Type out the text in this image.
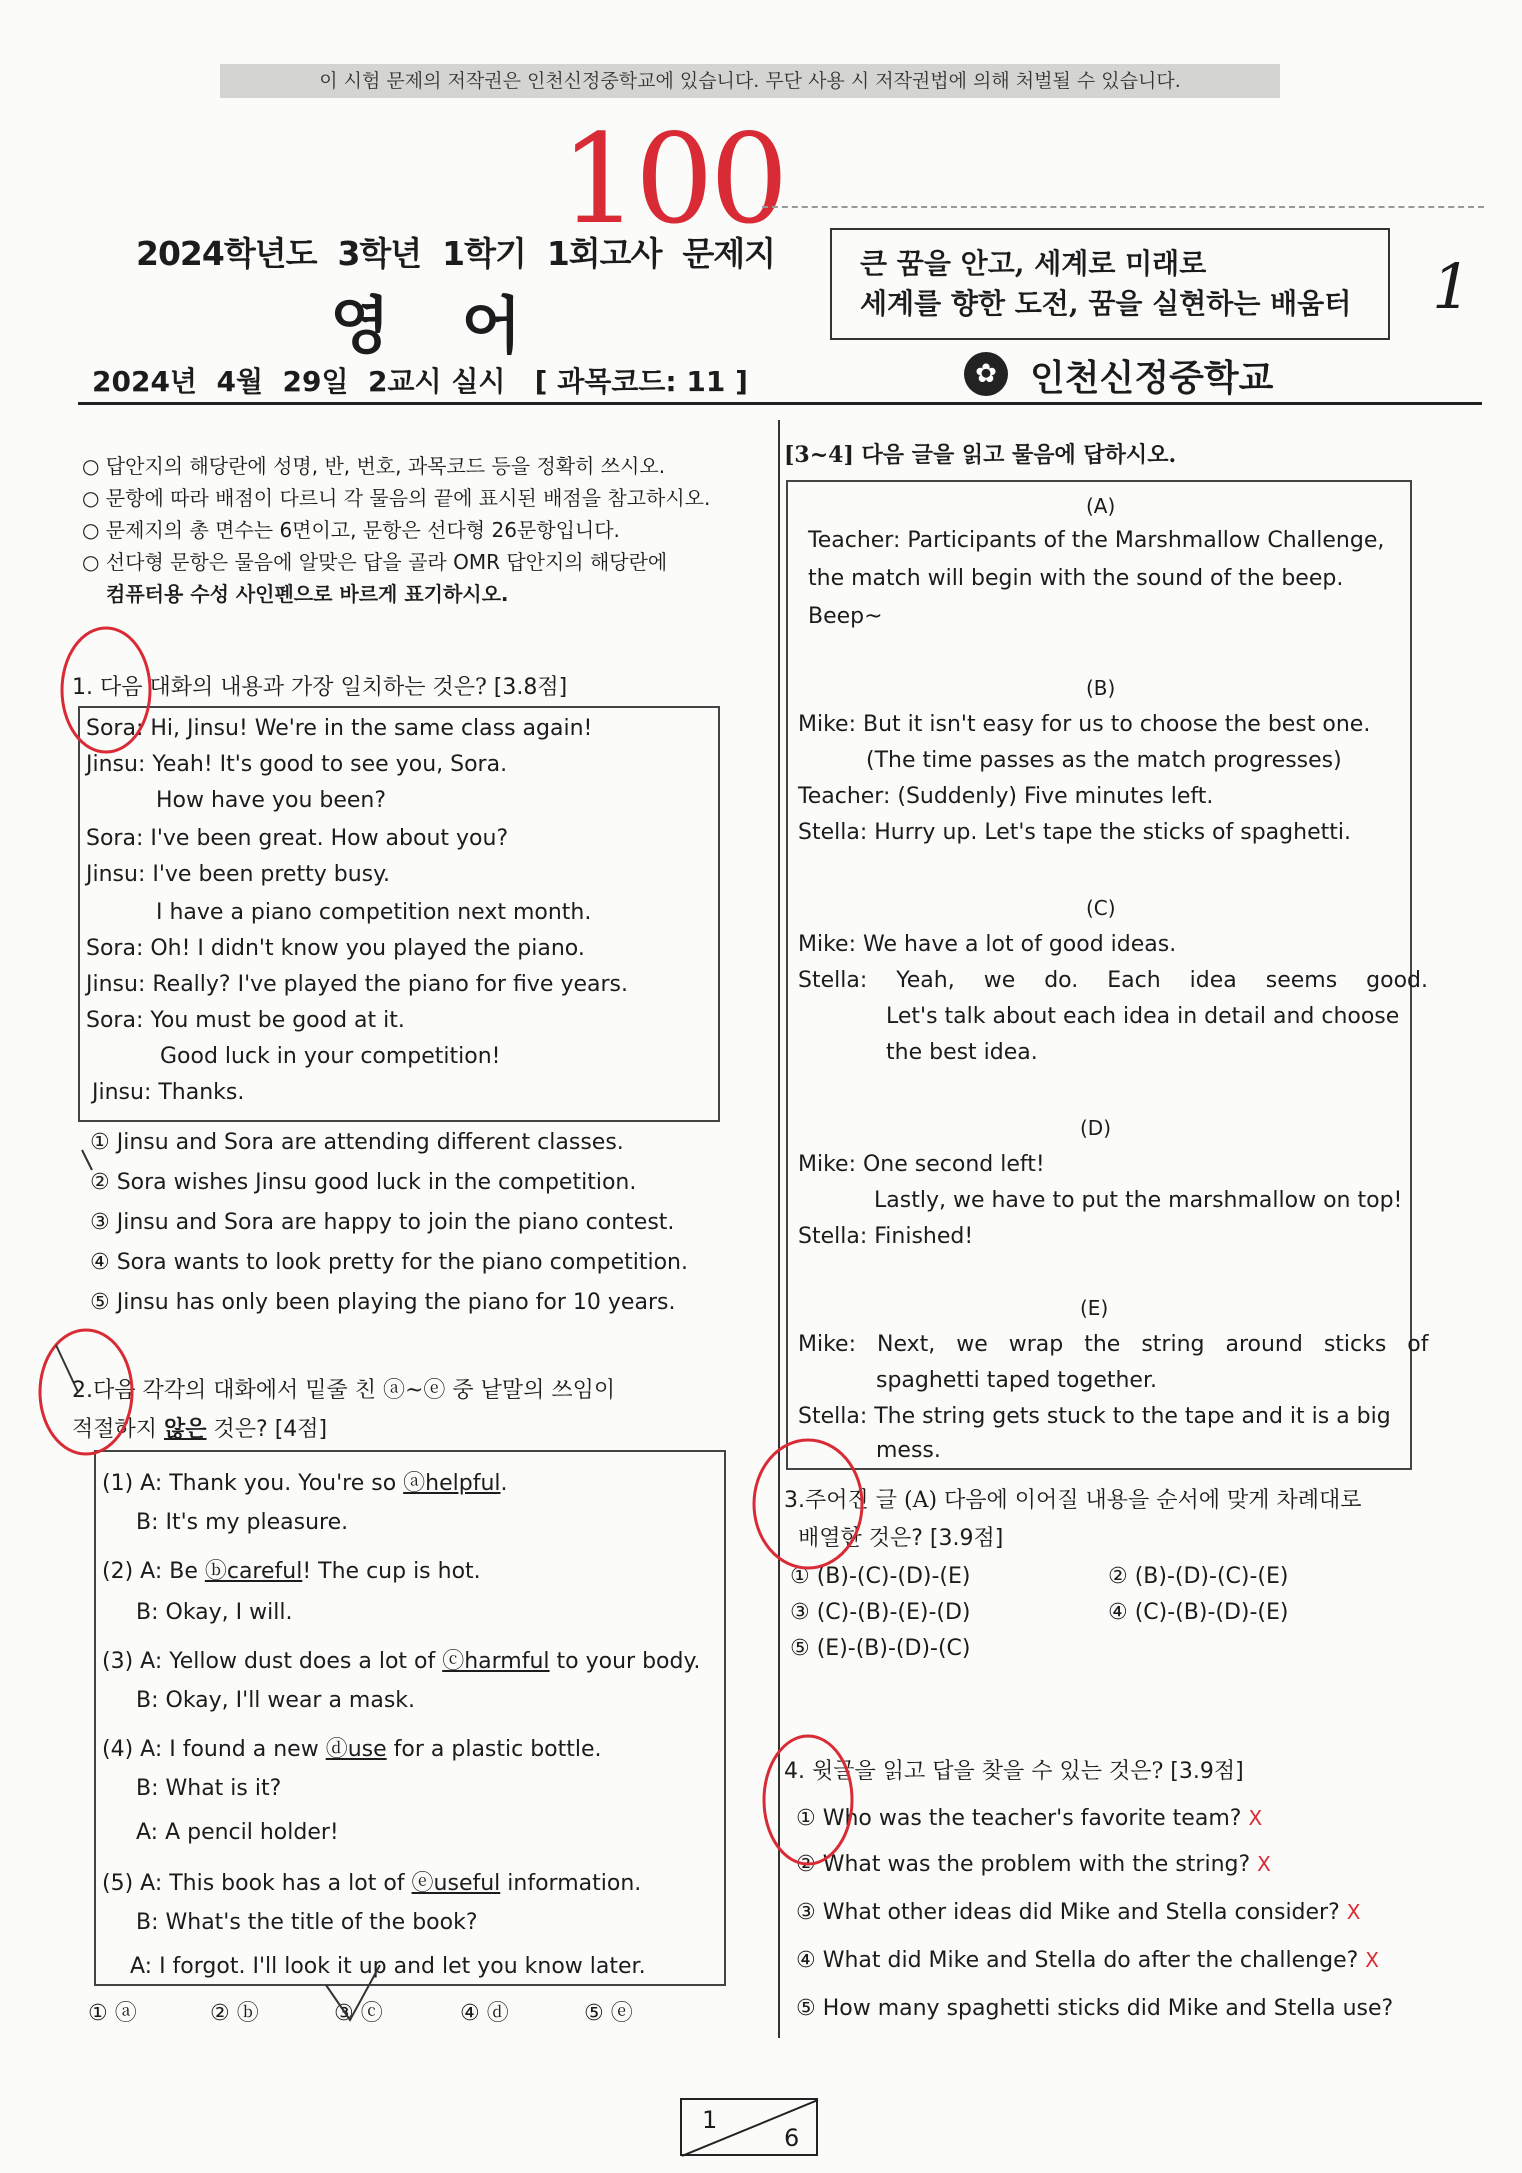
이 시험 문제의 저작권은 인천신정중학교에 있습니다. 무단 사용 시 저작권법에 의해 처벌될 수 있습니다.
100
2024학년도  3학년  1학기  1회고사  문제지
영 어
2024년  4월  29일  2교시 실시   [ 과목코드: 11 ]
큰 꿈을 안고, 세계로 미래로
세계를 향한 도전, 꿈을 실현하는 배움터	1
✿ 인천신정중학교
○ 답안지의 해당란에 성명, 반, 번호, 과목코드 등을 정확히 쓰시오.
○ 문항에 따라 배점이 다르니 각 물음의 끝에 표시된 배점을 참고하시오.
○ 문제지의 총 면수는 6면이고, 문항은 선다형 26문항입니다.
○ 선다형 문항은 물음에 알맞은 답을 골라 OMR 답안지의 해당란에
컴퓨터용 수성 사인펜으로 바르게 표기하시오.
1. 다음 대화의 내용과 가장 일치하는 것은? [3.8점]
Sora: Hi, Jinsu! We're in the same class again!
Jinsu: Yeah! It's good to see you, Sora.
How have you been?
Sora: I've been great. How about you?
Jinsu: I've been pretty busy.
I have a piano competition next month.
Sora: Oh! I didn't know you played the piano.
Jinsu: Really? I've played the piano for five years.
Sora: You must be good at it.
Good luck in your competition!
Jinsu: Thanks.
① Jinsu and Sora are attending different classes.
② Sora wishes Jinsu good luck in the competition.
③ Jinsu and Sora are happy to join the piano contest.
④ Sora wants to look pretty for the piano competition.
⑤ Jinsu has only been playing the piano for 10 years.
2.다음 각각의 대화에서 밑줄 친 ⓐ~ⓔ 중 낱말의 쓰임이
적절하지 않은 것은? [4점]
(1) A: Thank you. You're so ⓐhelpful.
B: It's my pleasure.
(2) A: Be ⓑcareful! The cup is hot.
B: Okay, I will.
(3) A: Yellow dust does a lot of ⓒharmful to your body.
B: Okay, I'll wear a mask.
(4) A: I found a new ⓓuse for a plastic bottle.
B: What is it?
A: A pencil holder!
(5) A: This book has a lot of ⓔuseful information.
B: What's the title of the book?
A: I forgot. I'll look it up and let you know later.
① ⓐ	② ⓑ	③ ⓒ	④ ⓓ	⑤ ⓔ
[3~4] 다음 글을 읽고 물음에 답하시오.
(A)
Teacher: Participants of the Marshmallow Challenge,
the match will begin with the sound of the beep.
Beep~
(B)
Mike: But it isn't easy for us to choose the best one.
(The time passes as the match progresses)
Teacher: (Suddenly) Five minutes left.
Stella: Hurry up. Let's tape the sticks of spaghetti.
(C)
Mike: We have a lot of good ideas.
Stella: Yeah, we do. Each idea seems good.
Let's talk about each idea in detail and choose
the best idea.
(D)
Mike: One second left!
Lastly, we have to put the marshmallow on top!
Stella: Finished!
(E)
Mike: Next, we wrap the string around sticks of
spaghetti taped together.
Stella: The string gets stuck to the tape and it is a big
mess.
3.주어진 글 (A) 다음에 이어질 내용을 순서에 맞게 차례대로
배열한 것은? [3.9점]
① (B)-(C)-(D)-(E)	② (B)-(D)-(C)-(E)
③ (C)-(B)-(E)-(D)	④ (C)-(B)-(D)-(E)
⑤ (E)-(B)-(D)-(C)
4. 윗글을 읽고 답을 찾을 수 있는 것은? [3.9점]
① Who was the teacher's favorite team? X
② What was the problem with the string? X
③ What other ideas did Mike and Stella consider? X
④ What did Mike and Stella do after the challenge? X
⑤ How many spaghetti sticks did Mike and Stella use?
1
6
